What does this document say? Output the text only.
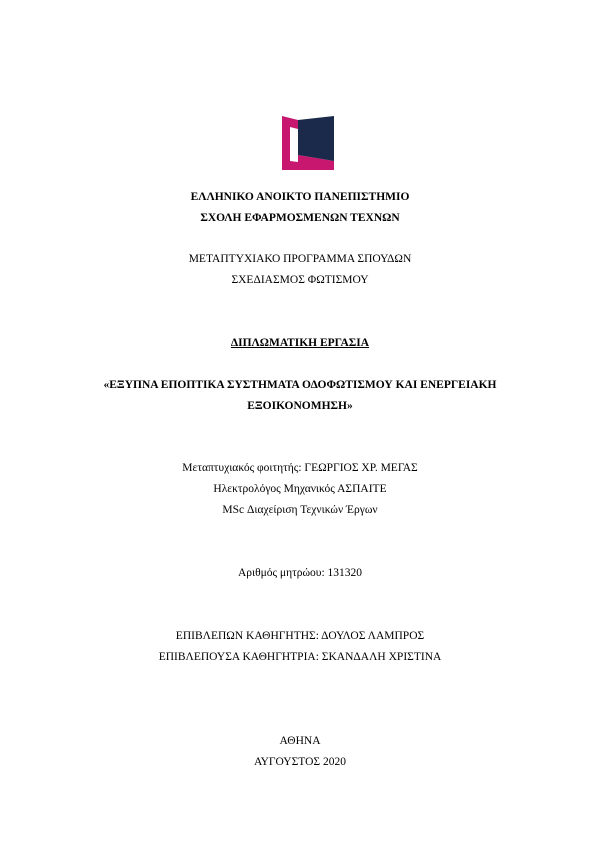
ΕΛΛΗΝΙΚΟ ΑΝΟΙΚΤΟ ΠΑΝΕΠΙΣΤΗΜΙΟ
ΣΧΟΛΗ ΕΦΑΡΜΟΣΜΕΝΩΝ ΤΕΧΝΩΝ
ΜΕΤΑΠΤΥΧΙΑΚΟ ΠΡΟΓΡΑΜΜΑ ΣΠΟΥΔΩΝ
ΣΧΕΔΙΑΣΜΟΣ ΦΩΤΙΣΜΟΥ
ΔΙΠΛΩΜΑΤΙΚΗ ΕΡΓΑΣΙΑ
«ΕΞΥΠΝΑ ΕΠΟΠΤΙΚΑ ΣΥΣΤΗΜΑΤΑ ΟΔΟΦΩΤΙΣΜΟΥ ΚΑΙ ΕΝΕΡΓΕΙΑΚΗ
ΕΞΟΙΚΟΝΟΜΗΣΗ»
Μεταπτυχιακός φοιτητής: ΓΕΩΡΓΙΟΣ ΧΡ. ΜΕΓΑΣ
Ηλεκτρολόγος Μηχανικός ΑΣΠΑΙΤΕ
MSc Διαχείριση Τεχνικών Έργων
Αριθμός μητρώου: 131320
ΕΠΙΒΛΕΠΩΝ ΚΑΘΗΓΗΤΗΣ: ΔΟΥΛΟΣ ΛΑΜΠΡΟΣ
ΕΠΙΒΛΕΠΟΥΣΑ ΚΑΘΗΓΗΤΡΙΑ: ΣΚΑΝΔΑΛΗ ΧΡΙΣΤΙΝΑ
ΑΘΗΝΑ
ΑΥΓΟΥΣΤΟΣ 2020
